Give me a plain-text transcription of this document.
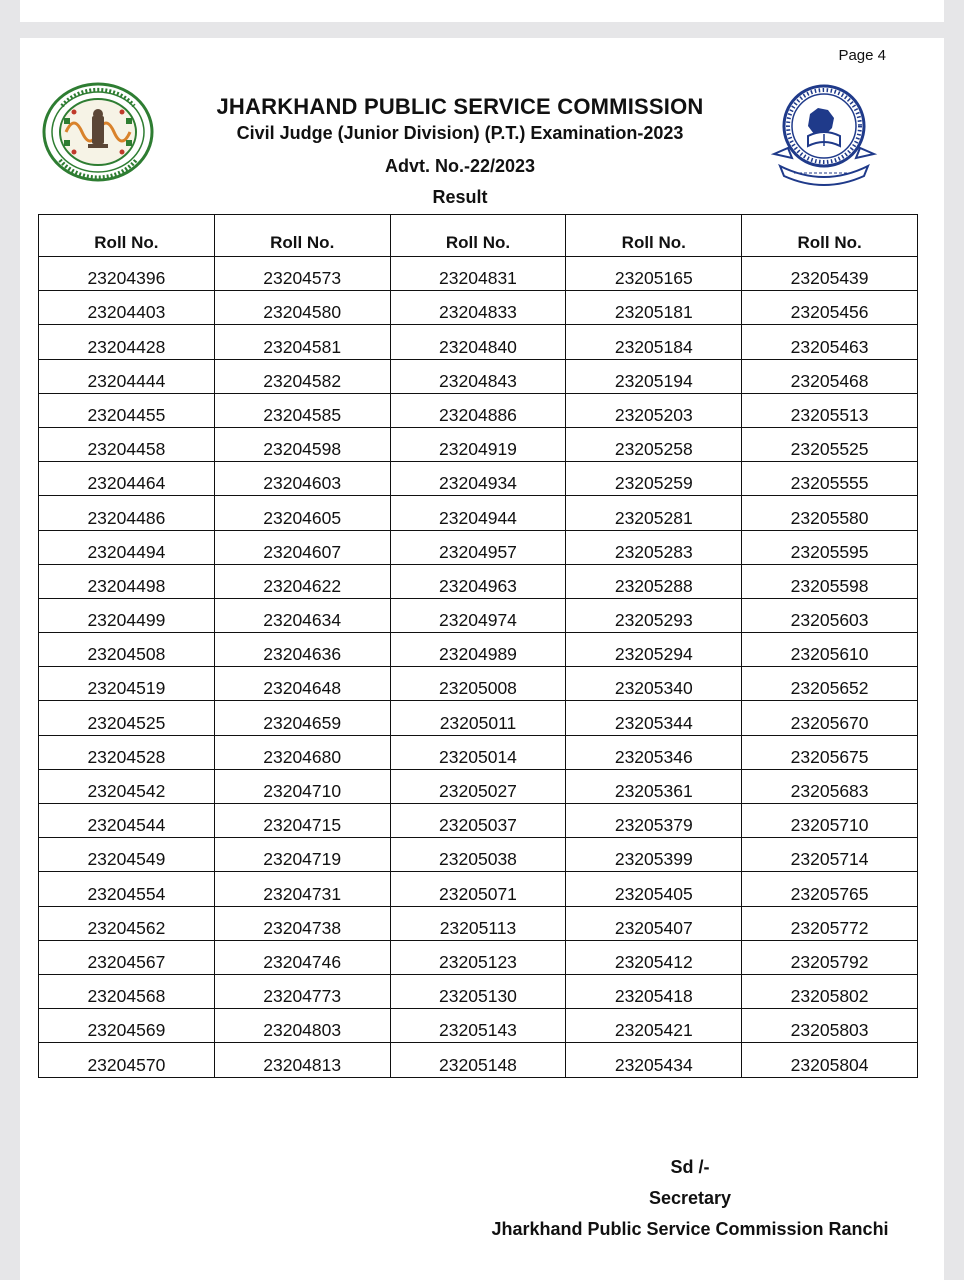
Page 4
JHARKHAND PUBLIC SERVICE COMMISSION
Civil Judge (Junior Division) (P.T.) Examination-2023
Advt. No.-22/2023
Result
Roll No.	Roll No.	Roll No.	Roll No.	Roll No.
23204396	23204573	23204831	23205165	23205439
23204403	23204580	23204833	23205181	23205456
23204428	23204581	23204840	23205184	23205463
23204444	23204582	23204843	23205194	23205468
23204455	23204585	23204886	23205203	23205513
23204458	23204598	23204919	23205258	23205525
23204464	23204603	23204934	23205259	23205555
23204486	23204605	23204944	23205281	23205580
23204494	23204607	23204957	23205283	23205595
23204498	23204622	23204963	23205288	23205598
23204499	23204634	23204974	23205293	23205603
23204508	23204636	23204989	23205294	23205610
23204519	23204648	23205008	23205340	23205652
23204525	23204659	23205011	23205344	23205670
23204528	23204680	23205014	23205346	23205675
23204542	23204710	23205027	23205361	23205683
23204544	23204715	23205037	23205379	23205710
23204549	23204719	23205038	23205399	23205714
23204554	23204731	23205071	23205405	23205765
23204562	23204738	23205113	23205407	23205772
23204567	23204746	23205123	23205412	23205792
23204568	23204773	23205130	23205418	23205802
23204569	23204803	23205143	23205421	23205803
23204570	23204813	23205148	23205434	23205804
Sd /-
Secretary
Jharkhand Public Service Commission Ranchi
